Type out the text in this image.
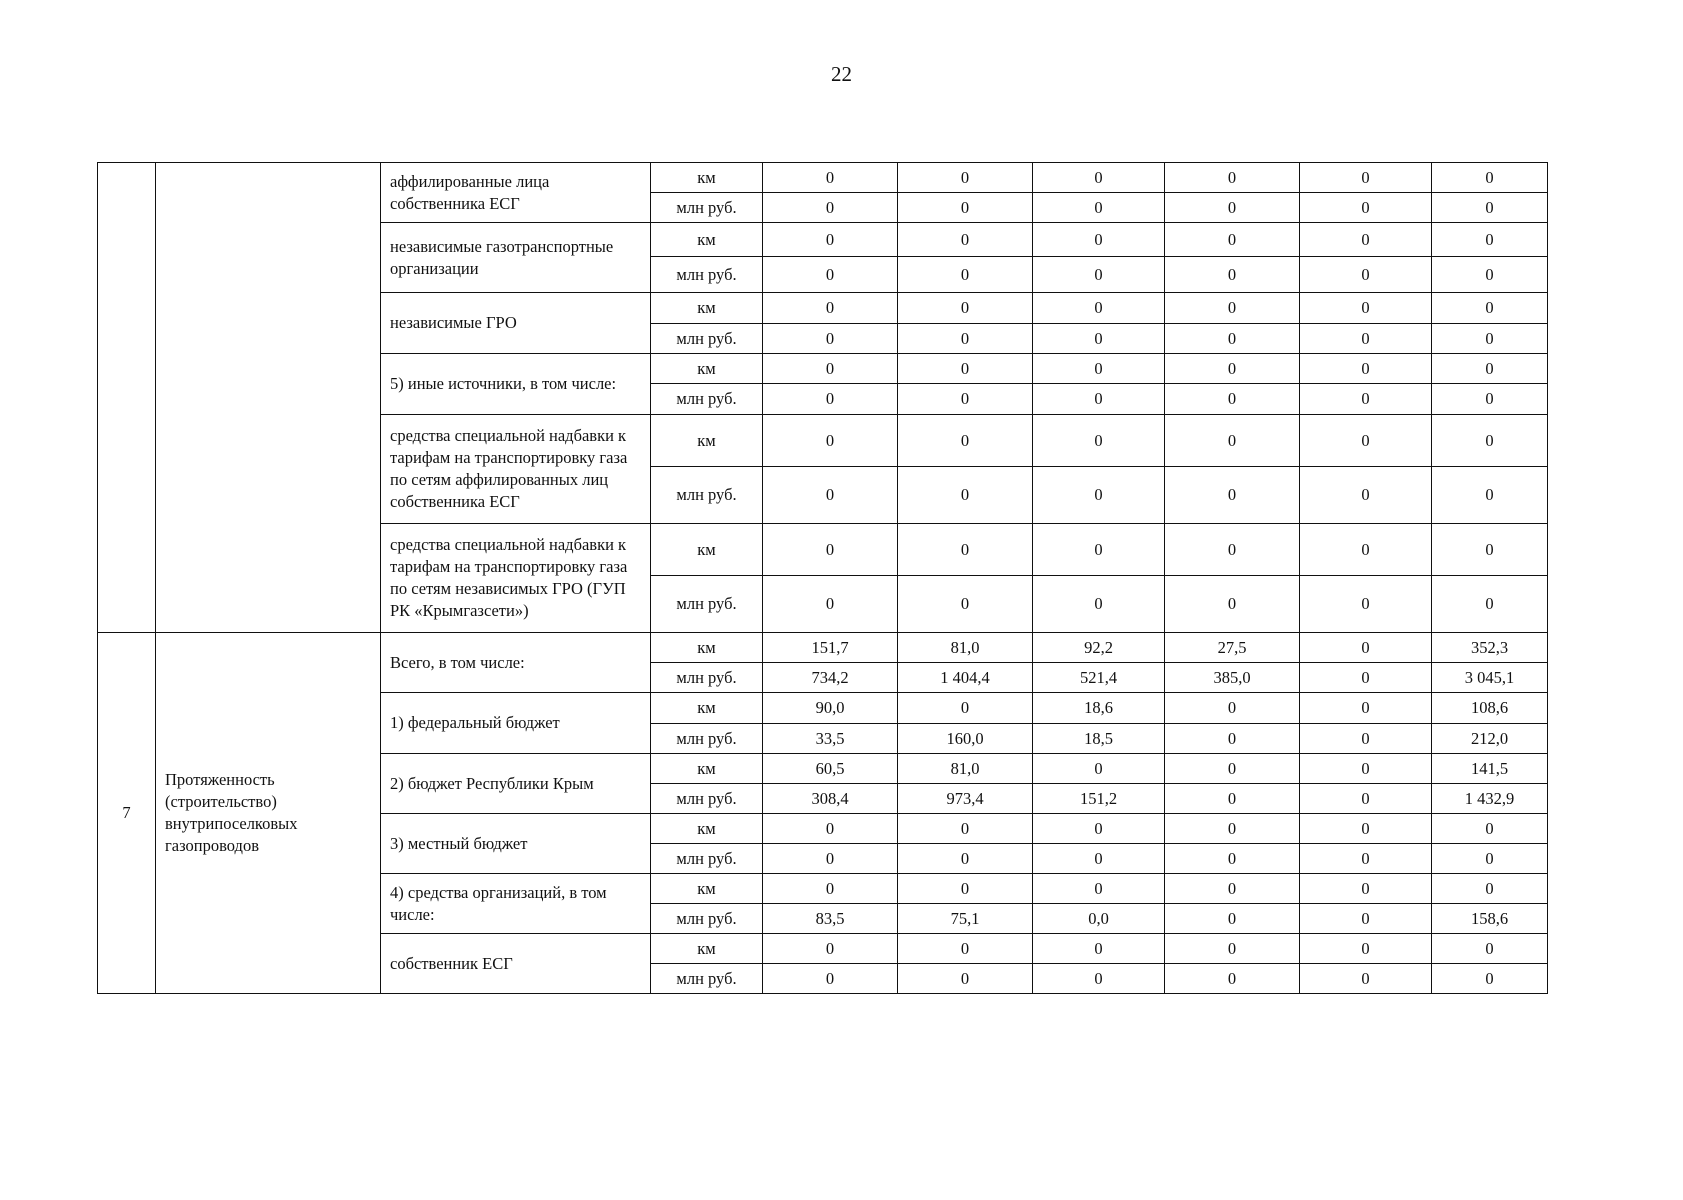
22
		аффилированные лица собственника ЕСГ	км	0	0	0	0	0	0
			млн руб.	0	0	0	0	0	0
		независимые газотранспортные организации	км	0	0	0	0	0	0
			млн руб.	0	0	0	0	0	0
		независимые ГРО	км	0	0	0	0	0	0
			млн руб.	0	0	0	0	0	0
		5) иные источники, в том числе:	км	0	0	0	0	0	0
			млн руб.	0	0	0	0	0	0
		средства специальной надбавки к тарифам на транспортировку газа по сетям аффилированных лиц собственника ЕСГ	км	0	0	0	0	0	0
			млн руб.	0	0	0	0	0	0
		средства специальной надбавки к тарифам на транспортировку газа по сетям независимых ГРО (ГУП РК «Крымгазсети»)	км	0	0	0	0	0	0
			млн руб.	0	0	0	0	0	0
7	Протяженность (строительство) внутрипоселковых газопроводов	Всего, в том числе:	км	151,7	81,0	92,2	27,5	0	352,3
			млн руб.	734,2	1 404,4	521,4	385,0	0	3 045,1
		1) федеральный бюджет	км	90,0	0	18,6	0	0	108,6
			млн руб.	33,5	160,0	18,5	0	0	212,0
		2) бюджет Республики Крым	км	60,5	81,0	0	0	0	141,5
			млн руб.	308,4	973,4	151,2	0	0	1 432,9
		3) местный бюджет	км	0	0	0	0	0	0
			млн руб.	0	0	0	0	0	0
		4) средства организаций, в том числе:	км	0	0	0	0	0	0
			млн руб.	83,5	75,1	0,0	0	0	158,6
		собственник ЕСГ	км	0	0	0	0	0	0
			млн руб.	0	0	0	0	0	0
